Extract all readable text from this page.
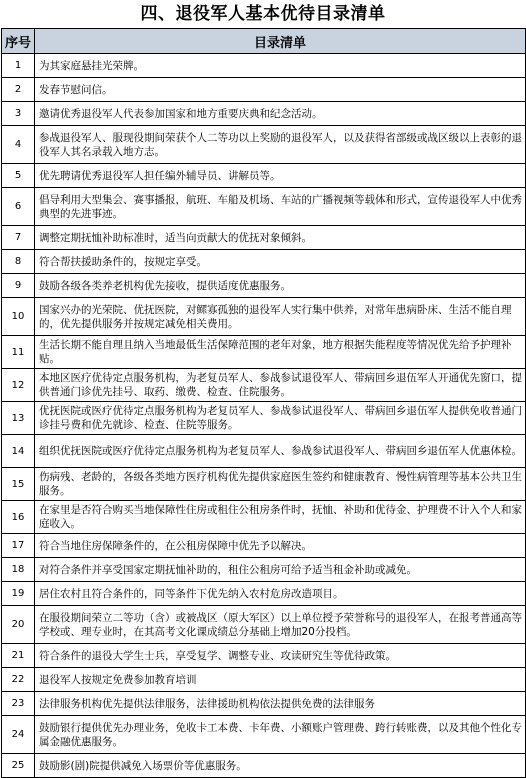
四、退役军人基本优待目录清单
序号	目录清单
1	为其家庭悬挂光荣牌。
2	发春节慰问信。
3	邀请优秀退役军人代表参加国家和地方重要庆典和纪念活动。
4	参战退役军人、服现役期间荣获个人二等功以上奖励的退役军人，以及获得省部级或战区级以上表彰的退役军人其名录载入地方志。

5	优先聘请优秀退役军人担任编外辅导员、讲解员等。
6	倡导利用大型集会、赛事播报，航班、车船及机场、车站的广播视频等载体和形式，宣传退役军人中优秀典型的先进事迹。

7	调整定期抚恤补助标准时，适当向贡献大的优抚对象倾斜。
8	符合帮扶援助条件的，按规定享受。
9	鼓励各级各类养老机构优先接收，提供适度优惠服务。
10	国家兴办的光荣院、优抚医院，对鳏寡孤独的退役军人实行集中供养，对常年患病卧床、生活不能自理的，优先提供服务并按规定减免相关费用。

11	生活长期不能自理且纳入当地最低生活保障范围的老年对象，地方根据失能程度等情况优先给予护理补贴。

12	本地区医疗优待定点服务机构，为老复员军人、参战参试退役军人、带病回乡退伍军人开通优先窗口，提供普通门诊优先挂号、取药、缴费、检查、住院服务。

13	优抚医院或医疗优待定点服务机构为老复员军人、参战参试退役军人、带病回乡退伍军人提供免收普通门诊挂号费和优先就诊、检查、住院等服务。

14	组织优抚医院或医疗优待定点服务机构为老复员军人、参战参试退役军人、带病回乡退伍军人优惠体检。

15	伤病残、老龄的，各级各类地方医疗机构优先提供家庭医生签约和健康教育、慢性病管理等基本公共卫生服务。

16	在家里是否符合购买当地保障性住房或租住公租房条件时，抚恤、补助和优待金、护理费不计入个人和家庭收入。

17	符合当地住房保障条件的，在公租房保障中优先予以解决。
18	对符合条件并享受国家定期抚恤补助的，租住公租房可给予适当租金补助或减免。
19	居住农村且符合条件的，同等条件下优先纳入农村危房改造项目。
20	在服役期间荣立二等功（含）或被战区（原大军区）以上单位授予荣誉称号的退役军人，在报考普通高等学校或、理专业时，在其高考文化课成绩总分基础上增加20分投档。

21	符合条件的退役大学生士兵，享受复学、调整专业、攻读研究生等优待政策。
22	退役军人按规定免费参加教育培训
23	法律服务机构优先提供法律服务，法律援助机构依法提供免费的法律服务
24	鼓励银行提供优先办理业务，免收卡工本费、卡年费、小额账户管理费、跨行转账费，以及其他个性化专属金融优惠服务。

25	鼓励影(剧)院提供减免入场票价等优惠服务。
